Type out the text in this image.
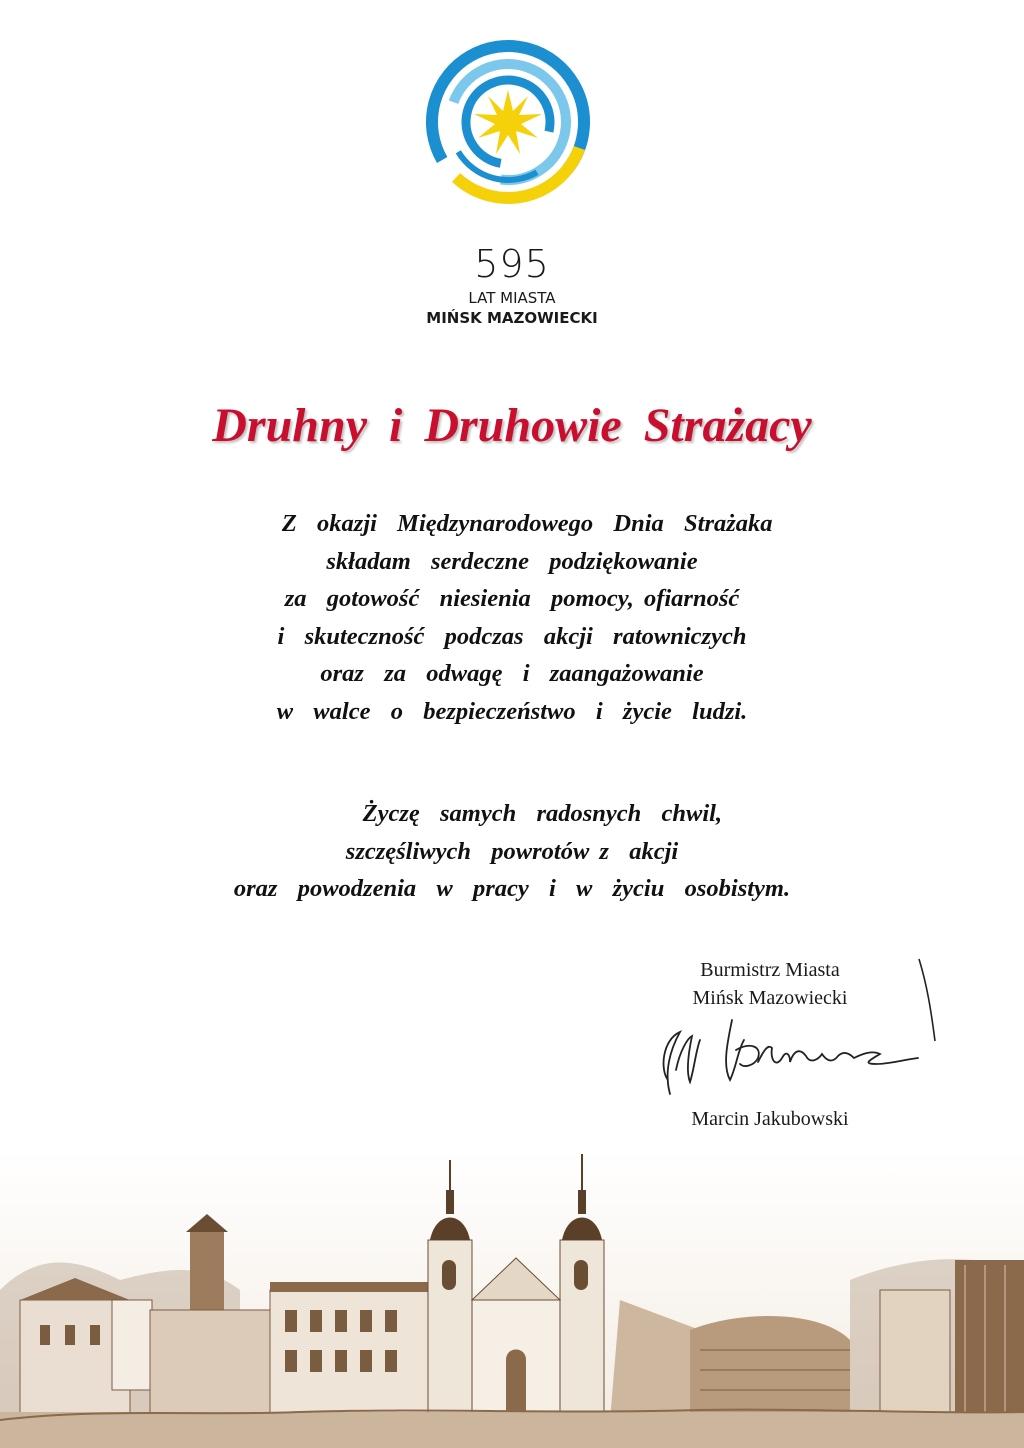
595
LAT MIASTA
MIŃSK MAZOWIECKI
Druhny i Druhowie Strażacy
Z  okazji  Międzynarodowego  Dnia  Strażaka
składam  serdeczne  podziękowanie
za  gotowość  niesienia  pomocy, ofiarność
i  skuteczność  podczas  akcji  ratowniczych
oraz  za  odwagę  i  zaangażowanie
w  walce  o  bezpieczeństwo  i  życie  ludzi.
Życzę  samych  radosnych  chwil,
szczęśliwych  powrotów z  akcji
oraz  powodzenia  w  pracy  i  w  życiu  osobistym.
Burmistrz Miasta
Mińsk Mazowiecki
Marcin Jakubowski
